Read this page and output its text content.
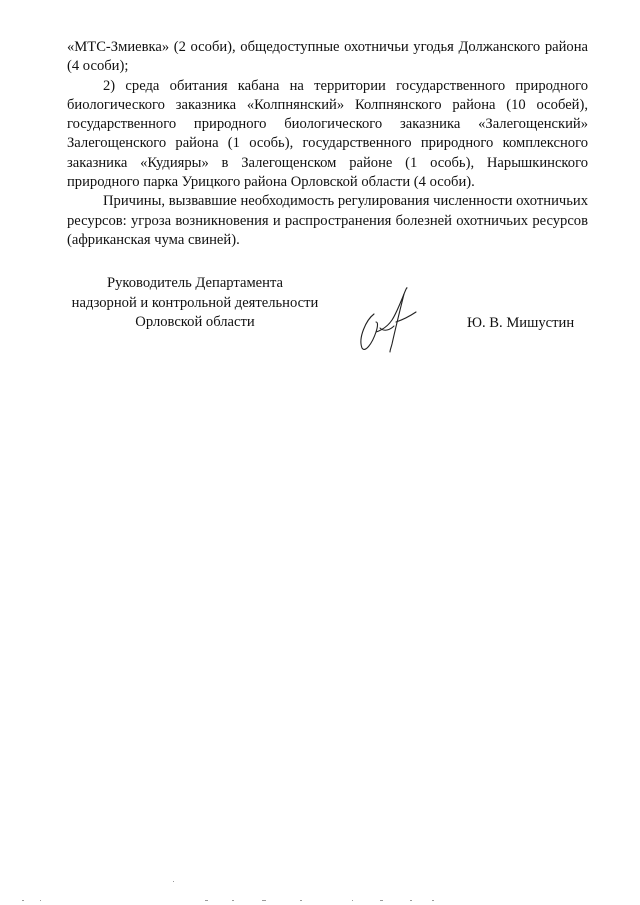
«МТС-Змиевка» (2 особи), общедоступные охотничьи угодья Должанского района (4 особи);

2) среда обитания кабана на территории государственного природного биологического заказника «Колпнянский» Колпнянского района (10 особей), государственного природного биологического заказника «Залегощенский» Залегощенского района (1 особь), государственного природного комплексного заказника «Кудияры» в Залегощенском районе (1 особь), Нарышкинского природного парка Урицкого района Орловской области (4 особи).

Причины, вызвавшие необходимость регулирования численности охотничьих ресурсов: угроза возникновения и распространения болезней охотничьих ресурсов (африканская чума свиней).

Руководитель Департамента
надзорной и контрольной деятельности
Орловской области	Ю. В. Мишустин
